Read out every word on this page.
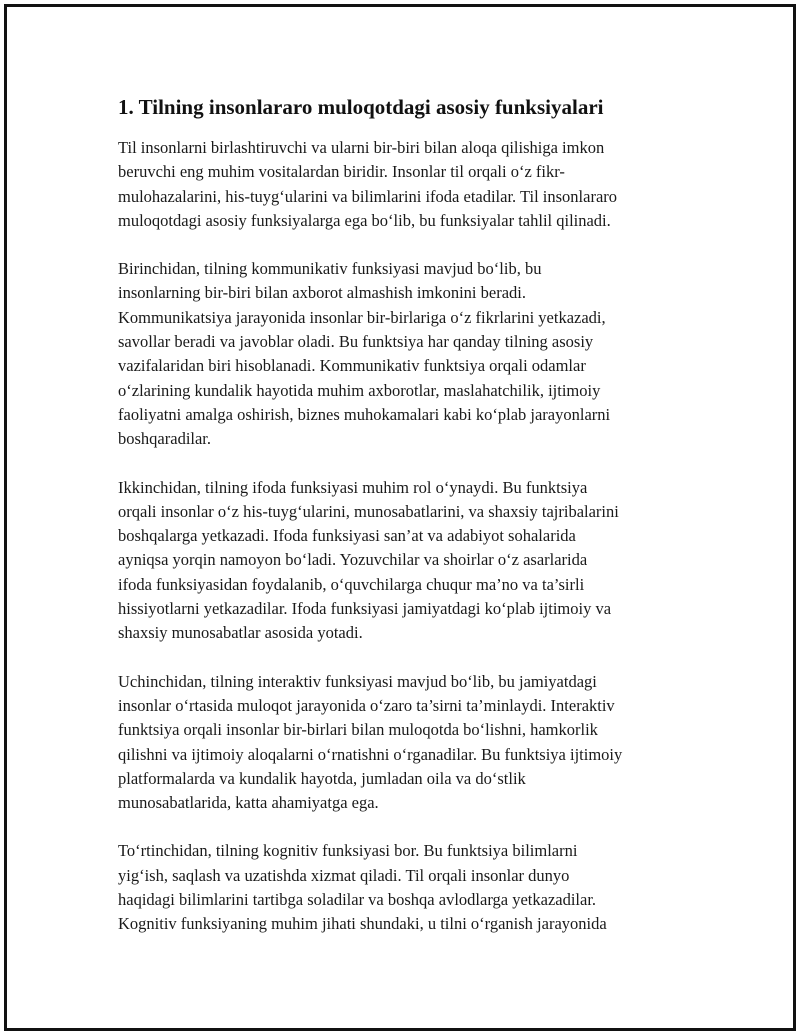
1. Tilning insonlararo muloqotdagi asosiy funksiyalari
Til insonlarni birlashtiruvchi va ularni bir-biri bilan aloqa qilishiga imkon
beruvchi eng muhim vositalardan biridir. Insonlar til orqali o‘z fikr-
mulohazalarini, his-tuyg‘ularini va bilimlarini ifoda etadilar. Til insonlararo
muloqotdagi asosiy funksiyalarga ega bo‘lib, bu funksiyalar tahlil qilinadi.
Birinchidan, tilning kommunikativ funksiyasi mavjud bo‘lib, bu
insonlarning bir-biri bilan axborot almashish imkonini beradi.
Kommunikatsiya jarayonida insonlar bir-birlariga o‘z fikrlarini yetkazadi,
savollar beradi va javoblar oladi. Bu funktsiya har qanday tilning asosiy
vazifalaridan biri hisoblanadi. Kommunikativ funktsiya orqali odamlar
o‘zlarining kundalik hayotida muhim axborotlar, maslahatchilik, ijtimoiy
faoliyatni amalga oshirish, biznes muhokamalari kabi ko‘plab jarayonlarni
boshqaradilar.
Ikkinchidan, tilning ifoda funksiyasi muhim rol o‘ynaydi. Bu funktsiya
orqali insonlar o‘z his-tuyg‘ularini, munosabatlarini, va shaxsiy tajribalarini
boshqalarga yetkazadi. Ifoda funksiyasi san’at va adabiyot sohalarida
ayniqsa yorqin namoyon bo‘ladi. Yozuvchilar va shoirlar o‘z asarlarida
ifoda funksiyasidan foydalanib, o‘quvchilarga chuqur ma’no va ta’sirli
hissiyotlarni yetkazadilar. Ifoda funksiyasi jamiyatdagi ko‘plab ijtimoiy va
shaxsiy munosabatlar asosida yotadi.
Uchinchidan, tilning interaktiv funksiyasi mavjud bo‘lib, bu jamiyatdagi
insonlar o‘rtasida muloqot jarayonida o‘zaro ta’sirni ta’minlaydi. Interaktiv
funktsiya orqali insonlar bir-birlari bilan muloqotda bo‘lishni, hamkorlik
qilishni va ijtimoiy aloqalarni o‘rnatishni o‘rganadilar. Bu funktsiya ijtimoiy
platformalarda va kundalik hayotda, jumladan oila va do‘stlik
munosabatlarida, katta ahamiyatga ega.
To‘rtinchidan, tilning kognitiv funksiyasi bor. Bu funktsiya bilimlarni
yig‘ish, saqlash va uzatishda xizmat qiladi. Til orqali insonlar dunyo
haqidagi bilimlarini tartibga soladilar va boshqa avlodlarga yetkazadilar.
Kognitiv funksiyaning muhim jihati shundaki, u tilni o‘rganish jarayonida
